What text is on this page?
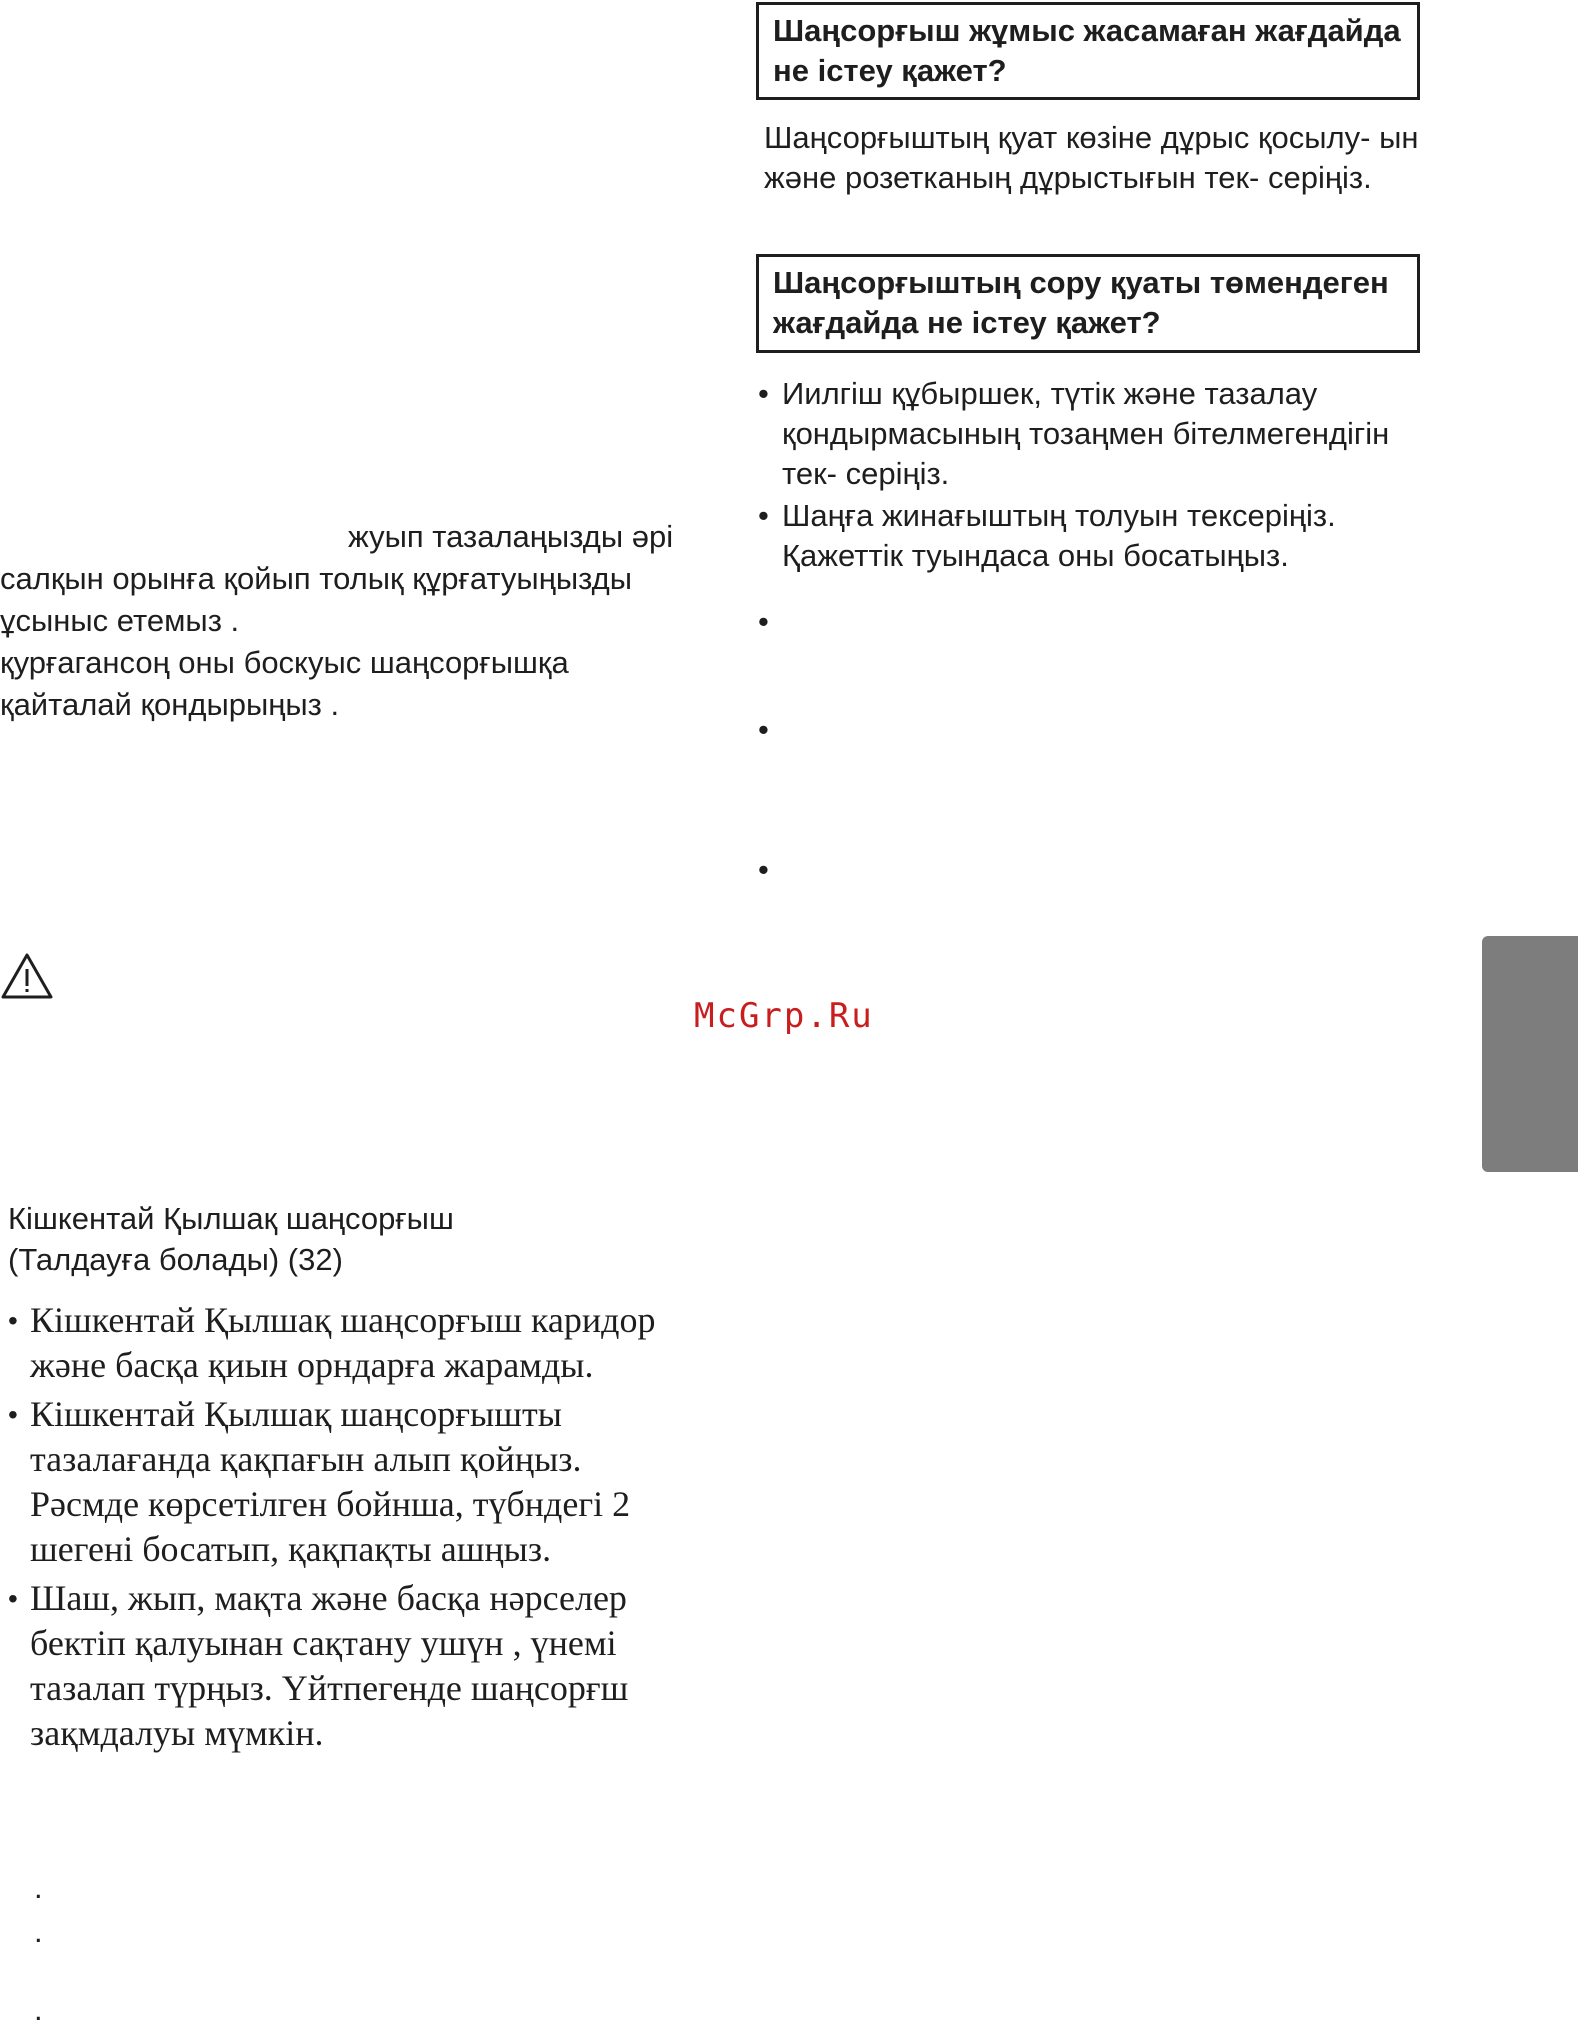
Шаңсорғыш жұмыс жасамаған жағдайда не істеу қажет?
Шаңсорғыштың қуат көзіне дұрыс қосылу- ын және розетканың дұрыстығын тек- серіңіз.
Шаңсорғыштың сору қуаты төмендеген жағдайда не істеу қажет?
• Иилгіш құбыршек, түтік және тазалау қондырмасының тозаңмен бітелмегендігін тек- серіңіз.
• Шаңға жинағыштың толуын тексеріңіз. Қажеттік туындаса оны босатыңыз.
•
•
•
жуып тазалаңызды әрі
салқын орынға қойып толық құрғатуыңызды
ұсыныс етемыз .
қурғагансоң оны боскуыс шаңсорғышқа
қайталай қондырыңыз .
McGrp.Ru
Кішкентай Қылшақ шаңсорғыш
(Талдауға болады) (32)
• Кішкентай Қылшақ шаңсорғыш каридор және басқа қиын орндарға жарамды.
• Кішкентай Қылшақ шаңсорғышты тазалағанда қақпағын алып қойңыз. Рәсмде көрсетілген бойнша, түбндегі 2 шегені босатып, қақпақты ашңыз.
• Шаш, жып, мақта және басқа нәрселер бектіп қалуынан сақтану ушүн , үнемі тазалап түрңыз. Үйтпегенде шаңсорғш зақмдалуы мүмкін.
.
.
.
